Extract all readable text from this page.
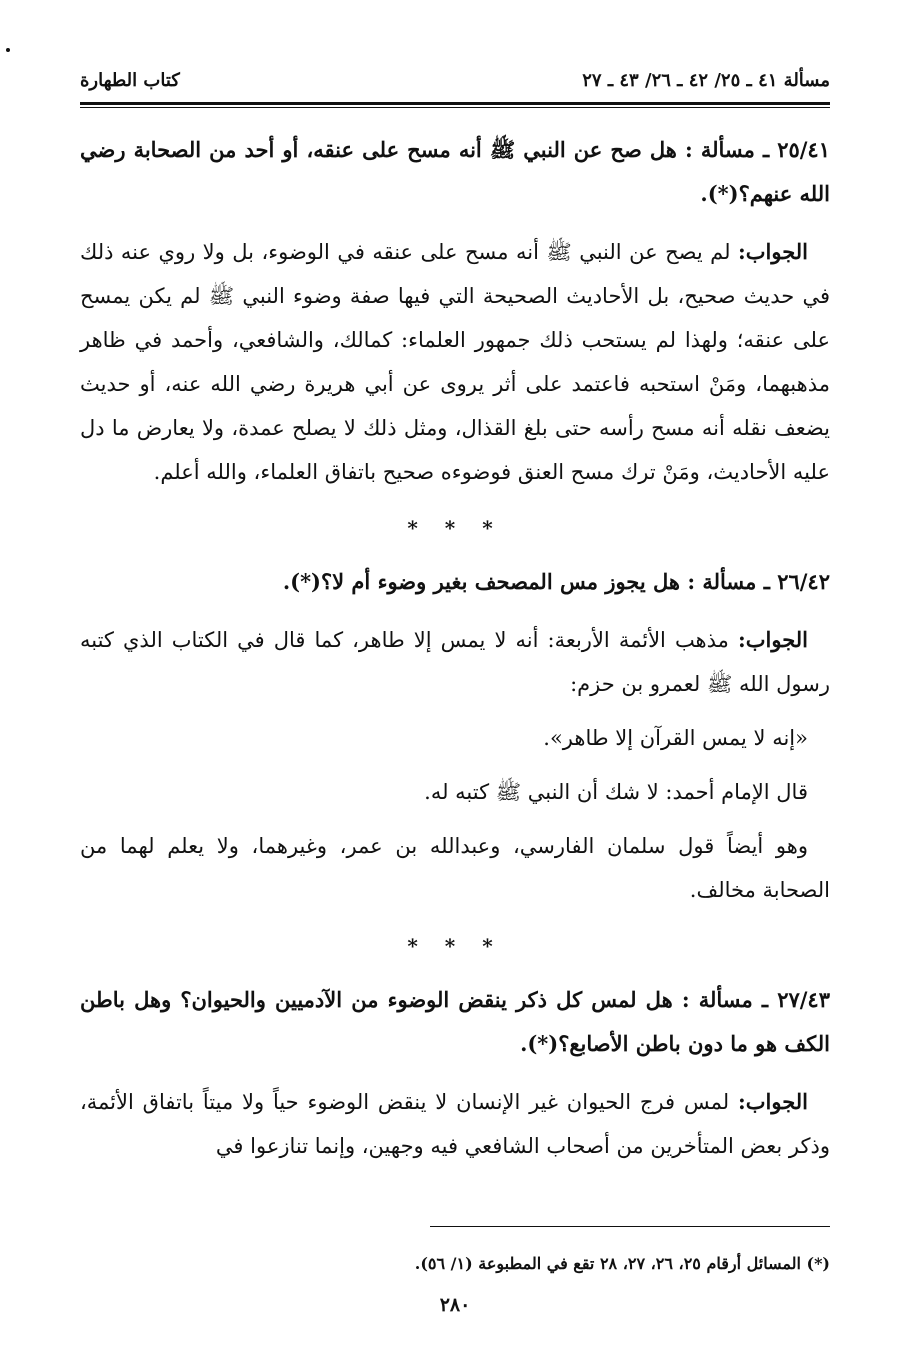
مسألة ٤١ ـ ٢٥/ ٤٢ ـ ٢٦/ ٤٣ ـ ٢٧
كتاب الطهارة

٢٥/٤١ ـ مسألة : هل صح عن النبي ﷺ أنه مسح على عنقه، أو أحد من الصحابة رضي الله عنهم؟(*).

الجواب: لم يصح عن النبي ﷺ أنه مسح على عنقه في الوضوء، بل ولا روي عنه ذلك في حديث صحيح، بل الأحاديث الصحيحة التي فيها صفة وضوء النبي ﷺ لم يكن يمسح على عنقه؛ ولهذا لم يستحب ذلك جمهور العلماء: كمالك، والشافعي، وأحمد في ظاهر مذهبهما، ومَنْ استحبه فاعتمد على أثر يروى عن أبي هريرة رضي الله عنه، أو حديث يضعف نقله أنه مسح رأسه حتى بلغ القذال، ومثل ذلك لا يصلح عمدة، ولا يعارض ما دل عليه الأحاديث، ومَنْ ترك مسح العنق فوضوءه صحيح باتفاق العلماء، والله أعلم.

* * *

٢٦/٤٢ ـ مسألة : هل يجوز مس المصحف بغير وضوء أم لا؟(*).

الجواب: مذهب الأئمة الأربعة: أنه لا يمس إلا طاهر، كما قال في الكتاب الذي كتبه رسول الله ﷺ لعمرو بن حزم:

«إنه لا يمس القرآن إلا طاهر».

قال الإمام أحمد: لا شك أن النبي ﷺ كتبه له.

وهو أيضاً قول سلمان الفارسي، وعبدالله بن عمر، وغيرهما، ولا يعلم لهما من الصحابة مخالف.

* * *

٢٧/٤٣ ـ مسألة : هل لمس كل ذكر ينقض الوضوء من الآدميين والحيوان؟ وهل باطن الكف هو ما دون باطن الأصابع؟(*).

الجواب: لمس فرج الحيوان غير الإنسان لا ينقض الوضوء حياً ولا ميتاً باتفاق الأئمة، وذكر بعض المتأخرين من أصحاب الشافعي فيه وجهين، وإنما تنازعوا في

(*) المسائل أرقام ٢٥، ٢٦، ٢٧، ٢٨ تقع في المطبوعة (١/ ٥٦).
٢٨٠
